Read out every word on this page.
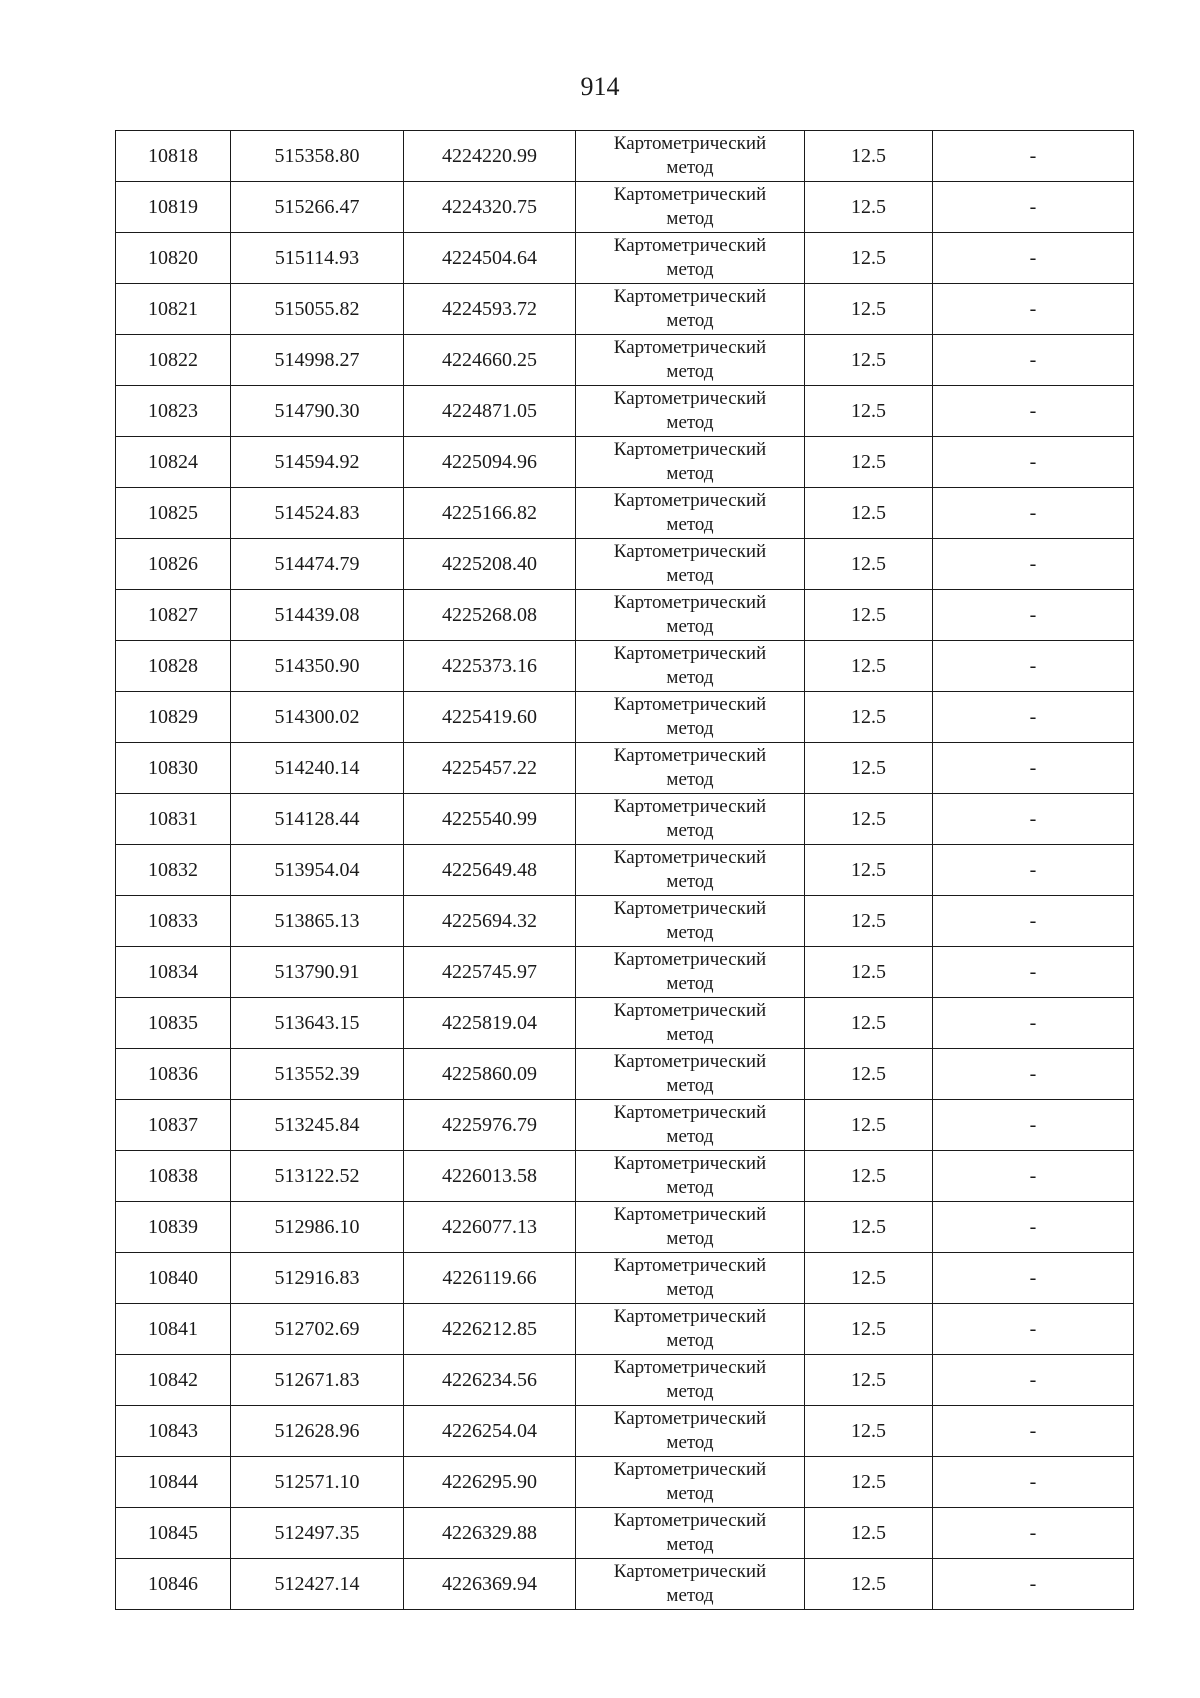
914
10818	515358.80	4224220.99	Картометрический
метод	12.5	-
10819	515266.47	4224320.75	Картометрический
метод	12.5	-
10820	515114.93	4224504.64	Картометрический
метод	12.5	-
10821	515055.82	4224593.72	Картометрический
метод	12.5	-
10822	514998.27	4224660.25	Картометрический
метод	12.5	-
10823	514790.30	4224871.05	Картометрический
метод	12.5	-
10824	514594.92	4225094.96	Картометрический
метод	12.5	-
10825	514524.83	4225166.82	Картометрический
метод	12.5	-
10826	514474.79	4225208.40	Картометрический
метод	12.5	-
10827	514439.08	4225268.08	Картометрический
метод	12.5	-
10828	514350.90	4225373.16	Картометрический
метод	12.5	-
10829	514300.02	4225419.60	Картометрический
метод	12.5	-
10830	514240.14	4225457.22	Картометрический
метод	12.5	-
10831	514128.44	4225540.99	Картометрический
метод	12.5	-
10832	513954.04	4225649.48	Картометрический
метод	12.5	-
10833	513865.13	4225694.32	Картометрический
метод	12.5	-
10834	513790.91	4225745.97	Картометрический
метод	12.5	-
10835	513643.15	4225819.04	Картометрический
метод	12.5	-
10836	513552.39	4225860.09	Картометрический
метод	12.5	-
10837	513245.84	4225976.79	Картометрический
метод	12.5	-
10838	513122.52	4226013.58	Картометрический
метод	12.5	-
10839	512986.10	4226077.13	Картометрический
метод	12.5	-
10840	512916.83	4226119.66	Картометрический
метод	12.5	-
10841	512702.69	4226212.85	Картометрический
метод	12.5	-
10842	512671.83	4226234.56	Картометрический
метод	12.5	-
10843	512628.96	4226254.04	Картометрический
метод	12.5	-
10844	512571.10	4226295.90	Картометрический
метод	12.5	-
10845	512497.35	4226329.88	Картометрический
метод	12.5	-
10846	512427.14	4226369.94	Картометрический
метод	12.5	-
